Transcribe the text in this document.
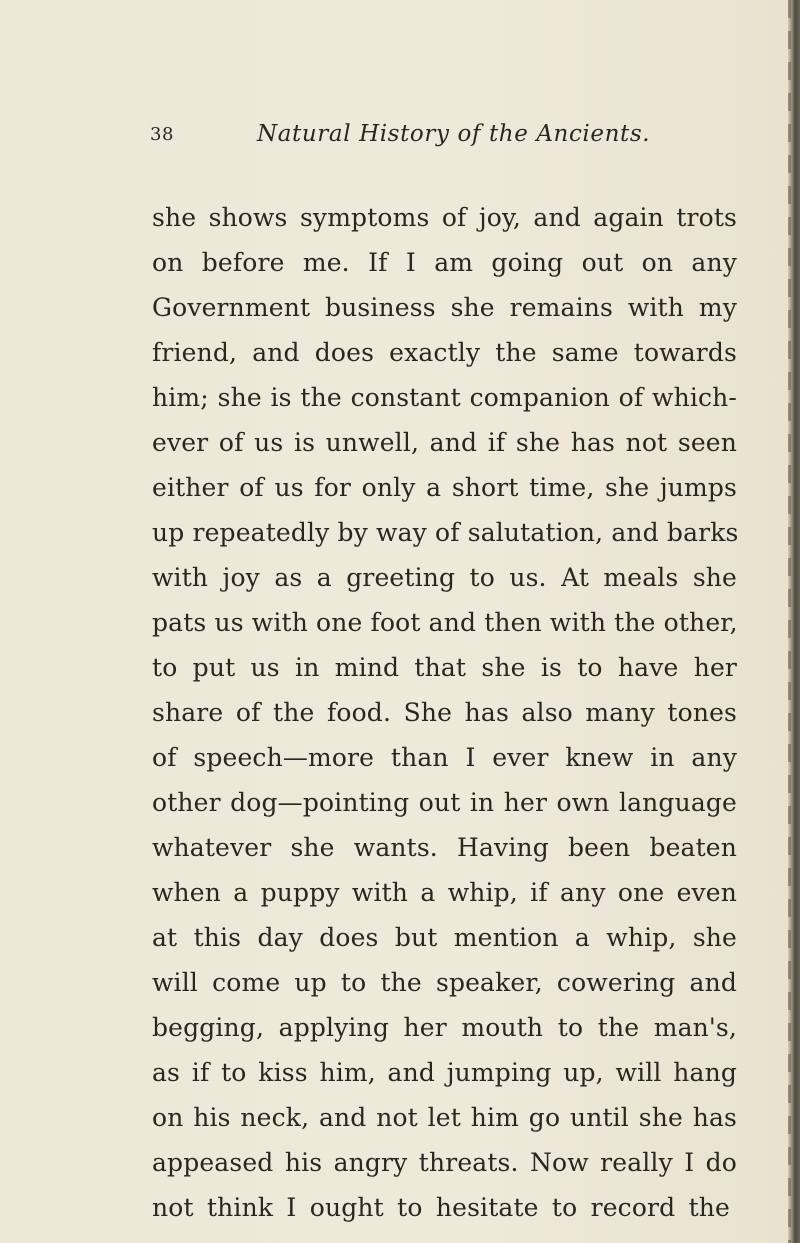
38	Natural History of the Ancients.
she shows symptoms of joy, and again trots
on before me. If I am going out on any
Government business she remains with my
friend, and does exactly the same towards
him; she is the constant companion of which-
ever of us is unwell, and if she has not seen
either of us for only a short time, she jumps
up repeatedly by way of salutation, and barks
with joy as a greeting to us. At meals she
pats us with one foot and then with the other,
to put us in mind that she is to have her
share of the food. She has also many tones
of speech—more than I ever knew in any
other dog—pointing out in her own language
whatever she wants. Having been beaten
when a puppy with a whip, if any one even
at this day does but mention a whip, she
will come up to the speaker, cowering and
begging, applying her mouth to the man's,
as if to kiss him, and jumping up, will hang
on his neck, and not let him go until she has
appeased his angry threats. Now really I do
not think I ought to hesitate to record the
